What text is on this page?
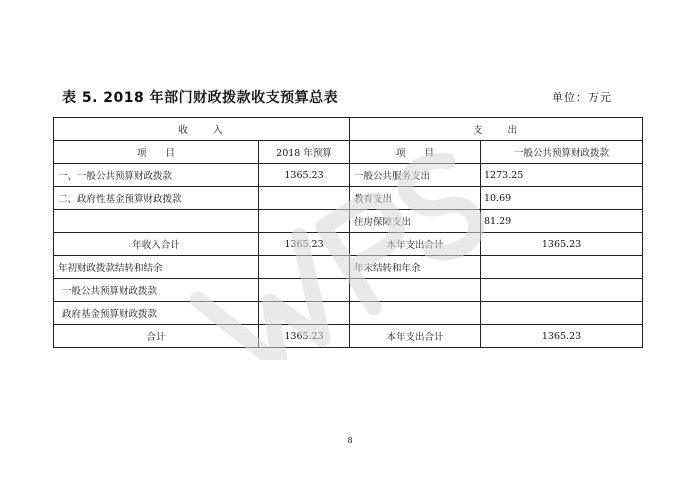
表 5. 2018 年部门财政拨款收支预算总表	单位：万元
收　　入		支　　出	
项　　目	2018 年预算	项　　目	一般公共预算财政拨款
一、一般公共预算财政拨款	1365.23	一般公共服务支出	1273.25
二、政府性基金预算财政拨款		教育支出	10.69
		住房保障支出	81.29
年收入合计	1365.23	本年支出合计	1365.23
年初财政拨款结转和结余		年末结转和年余	
一般公共预算财政拨款			
政府基金预算财政拨款			
合计	1365.23	本年支出合计	1365.23
8
